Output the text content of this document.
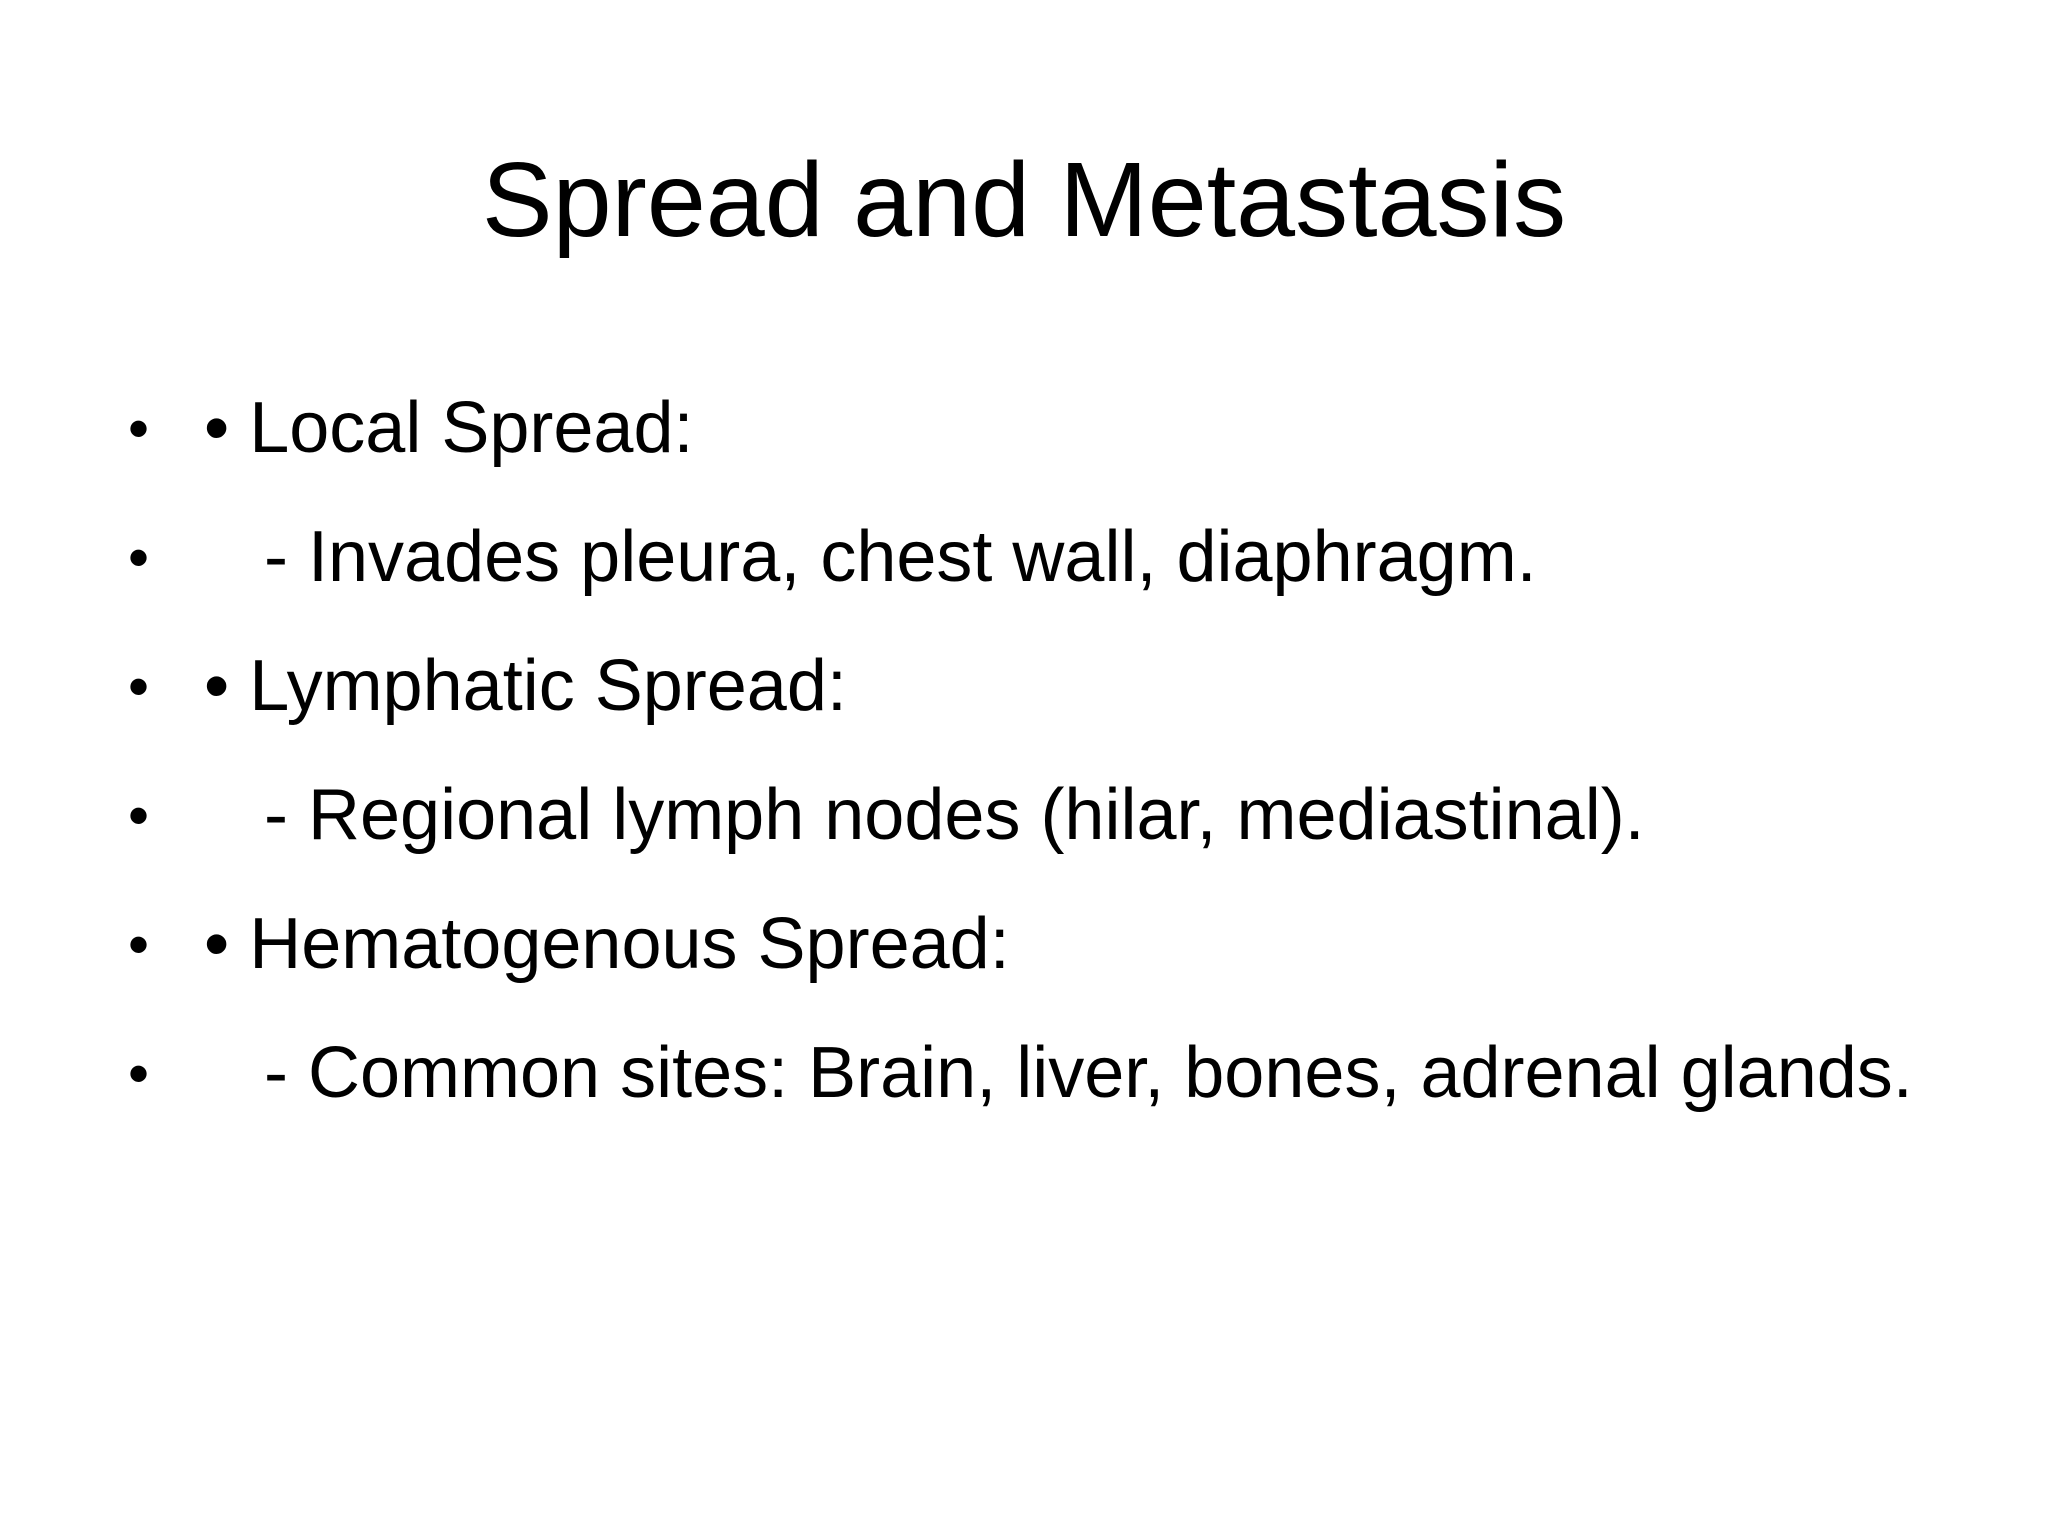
Spread and Metastasis
• • Local Spread:
• - Invades pleura, chest wall, diaphragm.
• • Lymphatic Spread:
• - Regional lymph nodes (hilar, mediastinal).
• • Hematogenous Spread:
• - Common sites: Brain, liver, bones, adrenal glands.
